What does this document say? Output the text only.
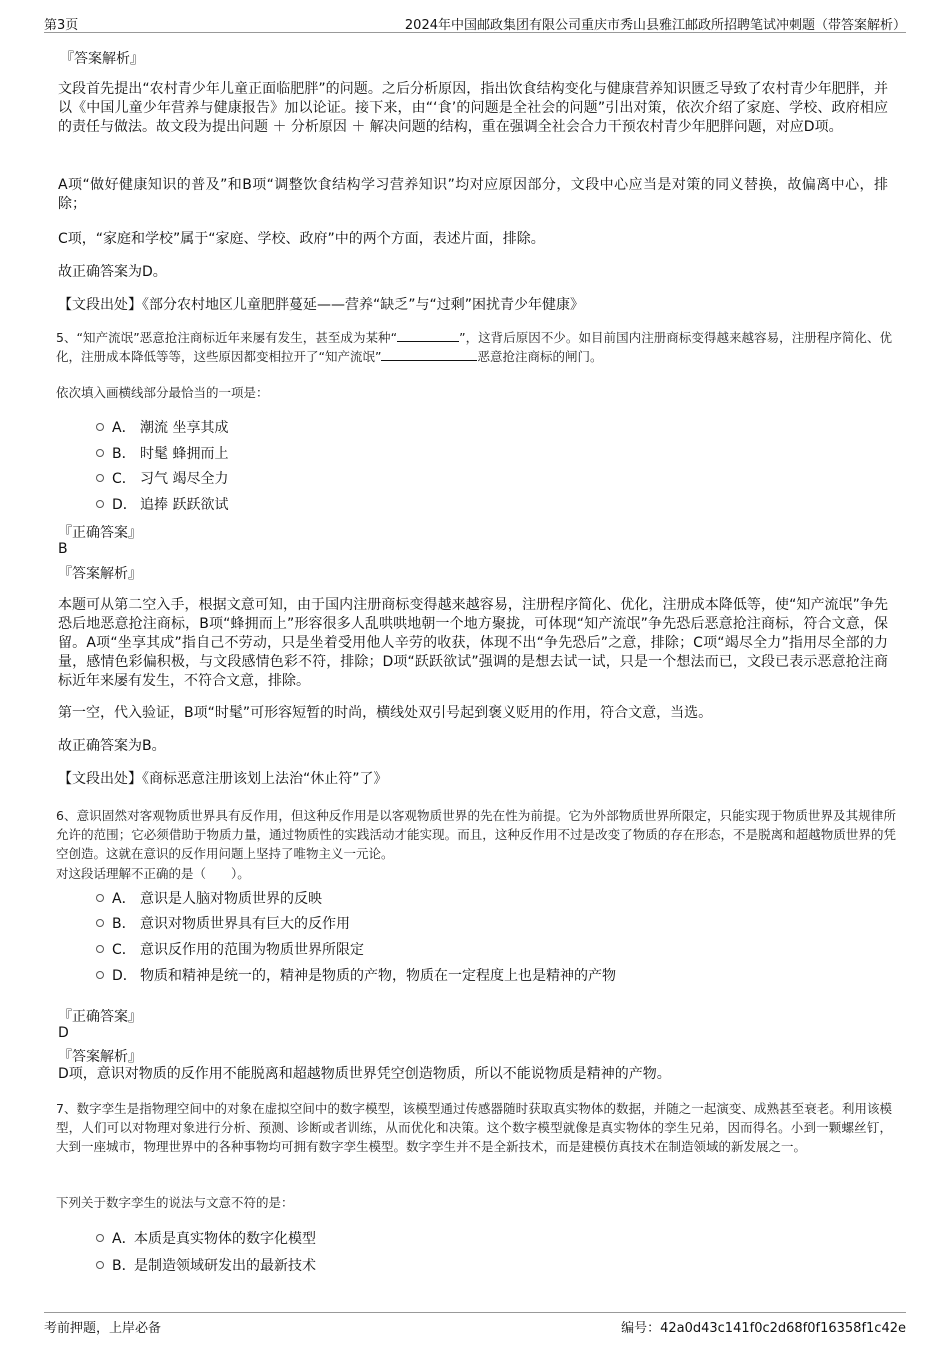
第3页	2024年中国邮政集团有限公司重庆市秀山县雅江邮政所招聘笔试冲刺题（带答案解析）
『答案解析』
文段首先提出“农村青少年儿童正面临肥胖”的问题。之后分析原因，指出饮食结构变化与健康营养知识匮乏导致了农村青少年肥胖，并以《中国儿童少年营养与健康报告》加以论证。接下来，由“‘食’的问题是全社会的问题”引出对策，依次介绍了家庭、学校、政府相应的责任与做法。故文段为提出问题 ＋ 分析原因 ＋ 解决问题的结构，重在强调全社会合力干预农村青少年肥胖问题，对应D项。
A项“做好健康知识的普及”和B项“调整饮食结构学习营养知识”均对应原因部分，文段中心应当是对策的同义替换，故偏离中心，排除；
C项，“家庭和学校”属于“家庭、学校、政府”中的两个方面，表述片面，排除。
故正确答案为D。
【文段出处】《部分农村地区儿童肥胖蔓延——营养“缺乏”与“过剩”困扰青少年健康》
5、“知产流氓”恶意抢注商标近年来屡有发生，甚至成为某种“	”，这背后原因不少。如目前国内注册商标变得越来越容易，注册程序简化、优化，注册成本降低等等，这些原因都变相拉开了“知产流氓”	恶意抢注商标的闸门。
依次填入画横线部分最恰当的一项是：
A． 潮流 坐享其成
B． 时髦 蜂拥而上
C． 习气 竭尽全力
D． 追捧 跃跃欲试
『正确答案』
B
『答案解析』
本题可从第二空入手，根据文意可知，由于国内注册商标变得越来越容易，注册程序简化、优化，注册成本降低等，使“知产流氓”争先恐后地恶意抢注商标，B项“蜂拥而上”形容很多人乱哄哄地朝一个地方聚拢，可体现“知产流氓”争先恐后恶意抢注商标，符合文意，保留。A项“坐享其成”指自己不劳动，只是坐着受用他人辛劳的收获，体现不出“争先恐后”之意，排除；C项“竭尽全力”指用尽全部的力量，感情色彩偏积极，与文段感情色彩不符，排除；D项“跃跃欲试”强调的是想去试一试，只是一个想法而已，文段已表示恶意抢注商标近年来屡有发生，不符合文意，排除。
第一空，代入验证，B项“时髦”可形容短暂的时尚，横线处双引号起到褒义贬用的作用，符合文意，当选。
故正确答案为B。
【文段出处】《商标恶意注册该划上法治“休止符”了》
6、意识固然对客观物质世界具有反作用，但这种反作用是以客观物质世界的先在性为前提。它为外部物质世界所限定，只能实现于物质世界及其规律所允许的范围；它必须借助于物质力量，通过物质性的实践活动才能实现。而且，这种反作用不过是改变了物质的存在形态，不是脱离和超越物质世界的凭空创造。这就在意识的反作用问题上坚持了唯物主义一元论。
对这段话理解不正确的是（　　）。
A． 意识是人脑对物质世界的反映
B． 意识对物质世界具有巨大的反作用
C． 意识反作用的范围为物质世界所限定
D． 物质和精神是统一的，精神是物质的产物，物质在一定程度上也是精神的产物
『正确答案』
D
『答案解析』
D项，意识对物质的反作用不能脱离和超越物质世界凭空创造物质，所以不能说物质是精神的产物。
7、数字孪生是指物理空间中的对象在虚拟空间中的数字模型，该模型通过传感器随时获取真实物体的数据，并随之一起演变、成熟甚至衰老。利用该模型，人们可以对物理对象进行分析、预测、诊断或者训练，从而优化和决策。这个数字模型就像是真实物体的孪生兄弟，因而得名。小到一颗螺丝钉，大到一座城市，物理世界中的各种事物均可拥有数字孪生模型。数字孪生并不是全新技术，而是建模仿真技术在制造领域的新发展之一。
下列关于数字孪生的说法与文意不符的是：
A．
本质是真实物体的数字化模型
B．
是制造领域研发出的最新技术
考前押题，上岸必备	编号：42a0d43c141f0c2d68f0f16358f1c42e
